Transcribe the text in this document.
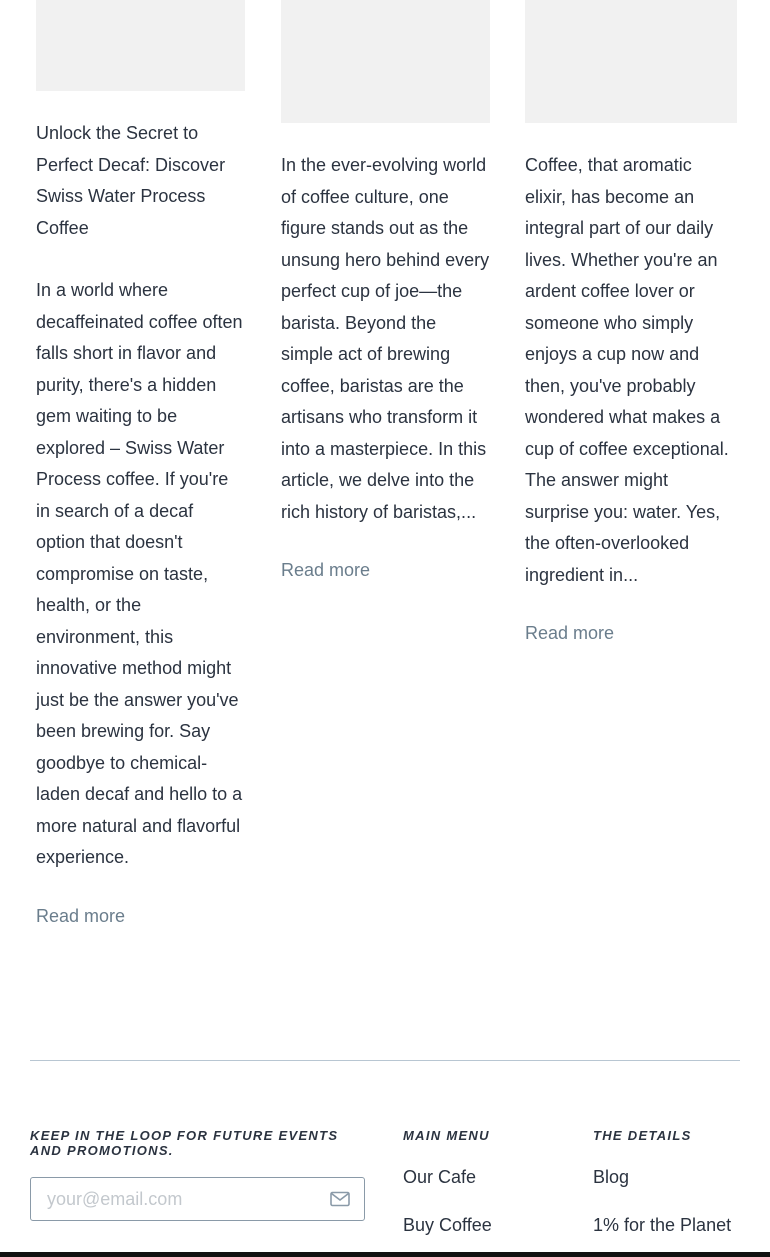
Unlock the Secret to Perfect Decaf: Discover Swiss Water Process Coffee

In a world where decaffeinated coffee often falls short in flavor and purity, there's a hidden gem waiting to be explored – Swiss Water Process coffee. If you're in search of a decaf option that doesn't compromise on taste, health, or the environment, this innovative method might just be the answer you've been brewing for. Say goodbye to chemical-laden decaf and hello to a more natural and flavorful experience.

Read more

In the ever-evolving world of coffee culture, one figure stands out as the unsung hero behind every perfect cup of joe—the barista. Beyond the simple act of brewing coffee, baristas are the artisans who transform it into a masterpiece. In this article, we delve into the rich history of baristas,...

Read more

Coffee, that aromatic elixir, has become an integral part of our daily lives. Whether you're an ardent coffee lover or someone who simply enjoys a cup now and then, you've probably wondered what makes a cup of coffee exceptional. The answer might surprise you: water. Yes, the often-overlooked ingredient in...

Read more
KEEP IN THE LOOP FOR FUTURE EVENTS AND PROMOTIONS.
MAIN MENU	THE DETAILS
your@email.com
Our Cafe
Buy Coffee
Blog
1% for the Planet
